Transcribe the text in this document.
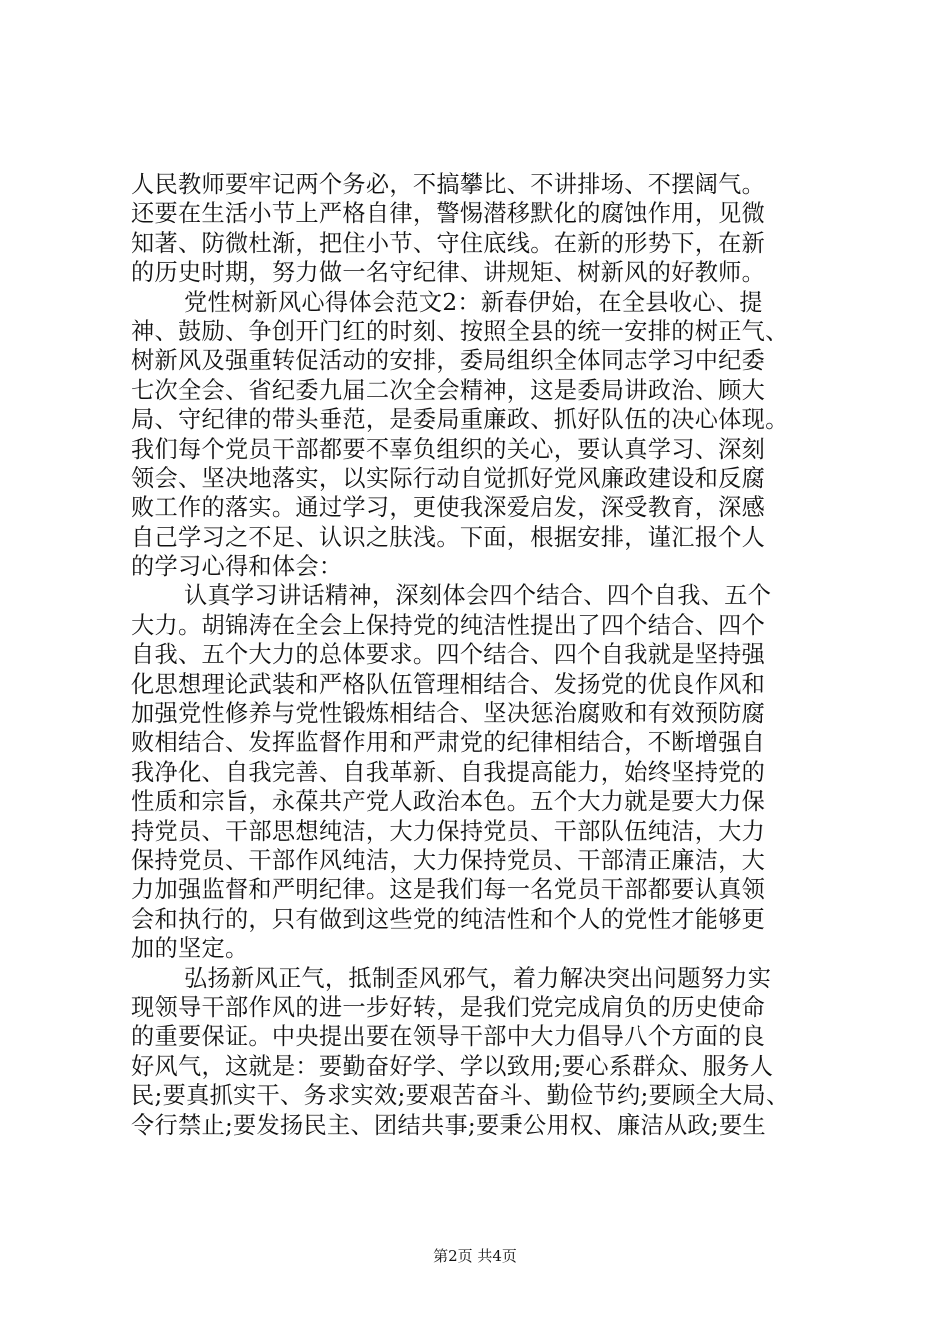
人民教师要牢记两个务必，不搞攀比、不讲排场、不摆阔气。
还要在生活小节上严格自律，警惕潜移默化的腐蚀作用，见微
知著、防微杜渐，把住小节、守住底线。在新的形势下，在新
的历史时期，努力做一名守纪律、讲规矩、树新风的好教师。
党性树新风心得体会范文2：新春伊始，在全县收心、提
神、鼓励、争创开门红的时刻、按照全县的统一安排的树正气、
树新风及强重转促活动的安排，委局组织全体同志学习中纪委
七次全会、省纪委九届二次全会精神，这是委局讲政治、顾大
局、守纪律的带头垂范，是委局重廉政、抓好队伍的决心体现。
我们每个党员干部都要不辜负组织的关心，要认真学习、深刻
领会、坚决地落实，以实际行动自觉抓好党风廉政建设和反腐
败工作的落实。通过学习，更使我深爱启发，深受教育，深感
自己学习之不足、认识之肤浅。下面，根据安排，谨汇报个人
的学习心得和体会：
认真学习讲话精神，深刻体会四个结合、四个自我、五个
大力。胡锦涛在全会上保持党的纯洁性提出了四个结合、四个
自我、五个大力的总体要求。四个结合、四个自我就是坚持强
化思想理论武装和严格队伍管理相结合、发扬党的优良作风和
加强党性修养与党性锻炼相结合、坚决惩治腐败和有效预防腐
败相结合、发挥监督作用和严肃党的纪律相结合，不断增强自
我净化、自我完善、自我革新、自我提高能力，始终坚持党的
性质和宗旨，永葆共产党人政治本色。五个大力就是要大力保
持党员、干部思想纯洁，大力保持党员、干部队伍纯洁，大力
保持党员、干部作风纯洁，大力保持党员、干部清正廉洁，大
力加强监督和严明纪律。这是我们每一名党员干部都要认真领
会和执行的，只有做到这些党的纯洁性和个人的党性才能够更
加的坚定。
弘扬新风正气，抵制歪风邪气，着力解决突出问题努力实
现领导干部作风的进一步好转，是我们党完成肩负的历史使命
的重要保证。中央提出要在领导干部中大力倡导八个方面的良
好风气，这就是：要勤奋好学、学以致用;要心系群众、服务人
民;要真抓实干、务求实效;要艰苦奋斗、勤俭节约;要顾全大局、
令行禁止;要发扬民主、团结共事;要秉公用权、廉洁从政;要生
第2页 共4页
